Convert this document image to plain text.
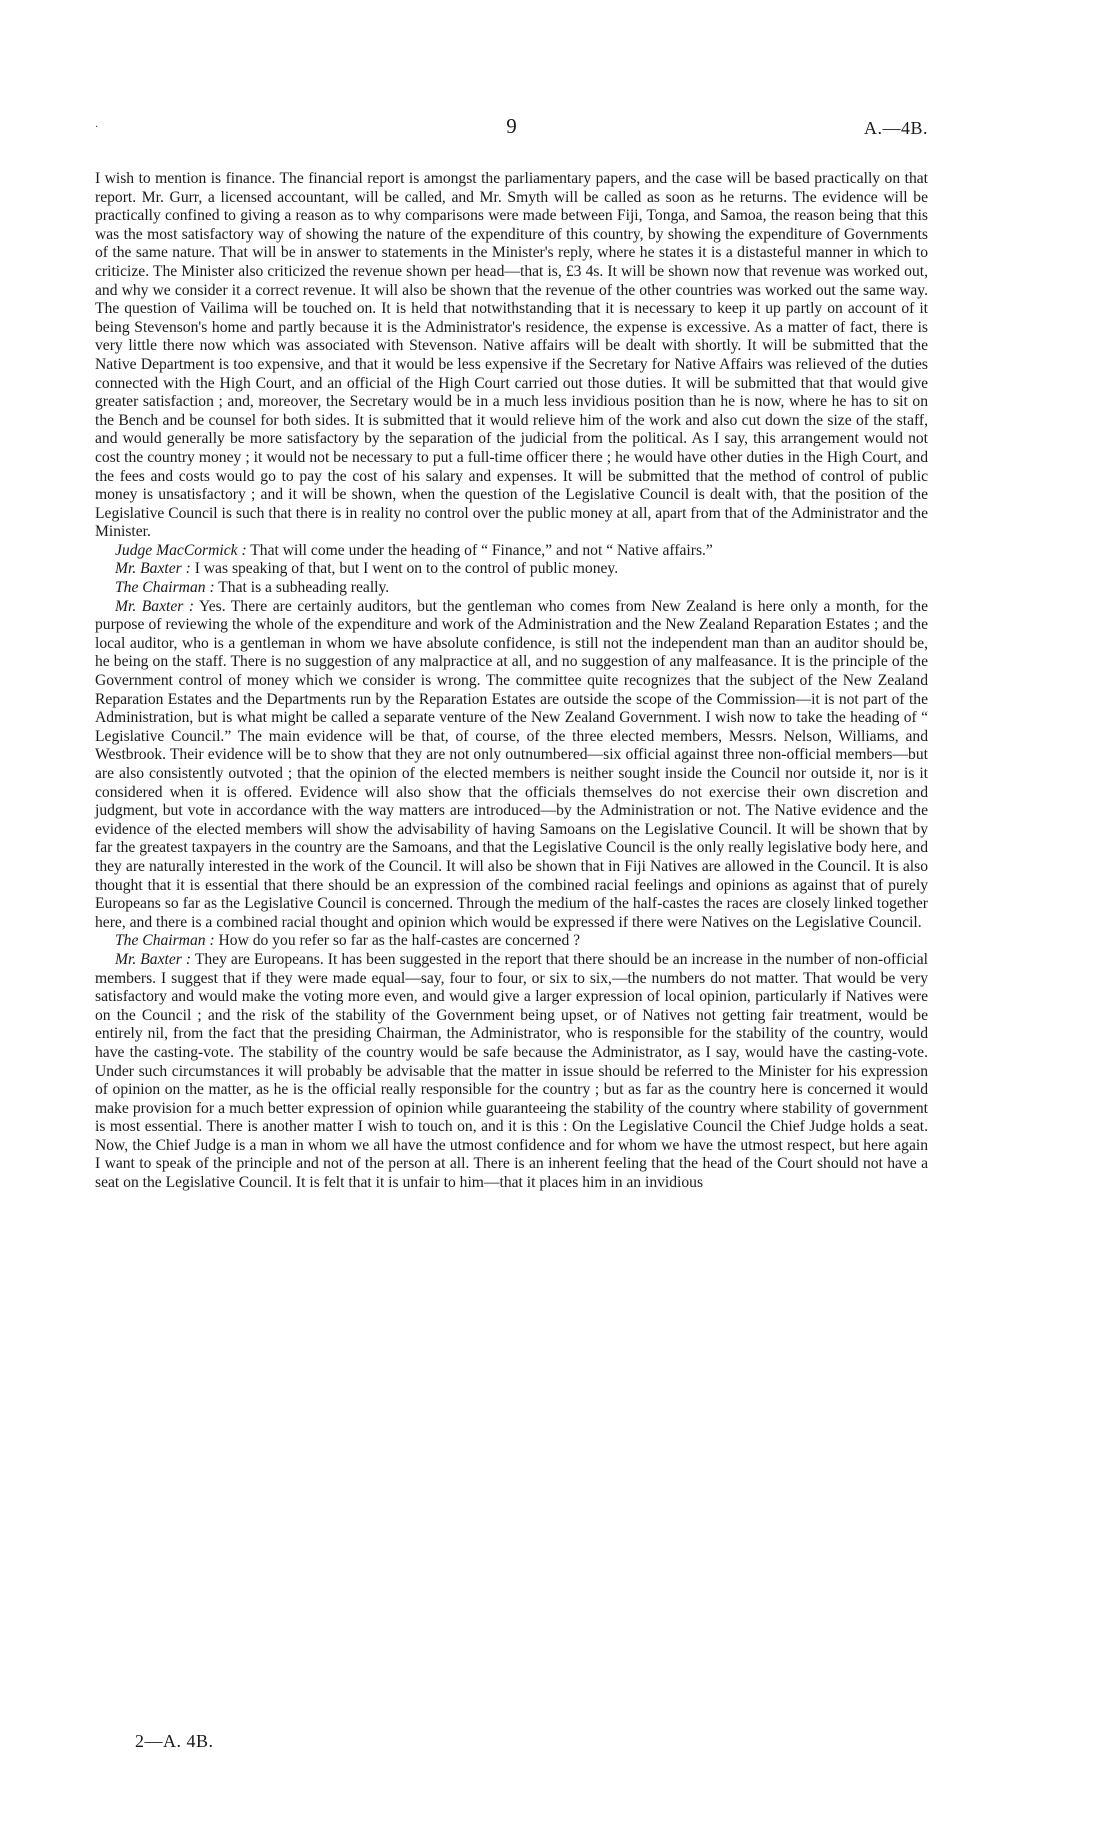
·	9	A.—4B.

I wish to mention is finance. The financial report is amongst the parliamentary papers, and the case will be based practically on that report. Mr. Gurr, a licensed accountant, will be called, and Mr. Smyth will be called as soon as he returns. The evidence will be practically confined to giving a reason as to why comparisons were made between Fiji, Tonga, and Samoa, the reason being that this was the most satisfactory way of showing the nature of the expenditure of this country, by showing the expenditure of Governments of the same nature. That will be in answer to statements in the Minister's reply, where he states it is a distasteful manner in which to criticize. The Minister also criticized the revenue shown per head—that is, £3 4s. It will be shown now that revenue was worked out, and why we consider it a correct revenue. It will also be shown that the revenue of the other countries was worked out the same way. The question of Vailima will be touched on. It is held that notwithstanding that it is necessary to keep it up partly on account of it being Stevenson's home and partly because it is the Administrator's residence, the expense is excessive. As a matter of fact, there is very little there now which was associated with Stevenson. Native affairs will be dealt with shortly. It will be submitted that the Native Department is too expensive, and that it would be less expensive if the Secretary for Native Affairs was relieved of the duties connected with the High Court, and an official of the High Court carried out those duties. It will be submitted that that would give greater satisfaction ; and, moreover, the Secretary would be in a much less invidious position than he is now, where he has to sit on the Bench and be counsel for both sides. It is submitted that it would relieve him of the work and also cut down the size of the staff, and would generally be more satisfactory by the separation of the judicial from the political. As I say, this arrangement would not cost the country money ; it would not be necessary to put a full-time officer there ; he would have other duties in the High Court, and the fees and costs would go to pay the cost of his salary and expenses. It will be submitted that the method of control of public money is unsatisfactory ; and it will be shown, when the question of the Legislative Council is dealt with, that the position of the Legislative Council is such that there is in reality no control over the public money at all, apart from that of the Administrator and the Minister.

Judge MacCormick : That will come under the heading of “ Finance,” and not “ Native affairs.”

Mr. Baxter : I was speaking of that, but I went on to the control of public money.

The Chairman : That is a subheading really.

Mr. Baxter : Yes. There are certainly auditors, but the gentleman who comes from New Zealand is here only a month, for the purpose of reviewing the whole of the expenditure and work of the Administration and the New Zealand Reparation Estates ; and the local auditor, who is a gentleman in whom we have absolute confidence, is still not the independent man than an auditor should be, he being on the staff. There is no suggestion of any malpractice at all, and no suggestion of any malfeasance. It is the principle of the Government control of money which we consider is wrong. The committee quite recognizes that the subject of the New Zealand Reparation Estates and the Departments run by the Reparation Estates are outside the scope of the Commission—it is not part of the Administration, but is what might be called a separate venture of the New Zealand Government. I wish now to take the heading of “ Legislative Council.” The main evidence will be that, of course, of the three elected members, Messrs. Nelson, Williams, and Westbrook. Their evidence will be to show that they are not only outnumbered—six official against three non-official members—but are also consistently outvoted ; that the opinion of the elected members is neither sought inside the Council nor outside it, nor is it considered when it is offered. Evidence will also show that the officials themselves do not exercise their own discretion and judgment, but vote in accordance with the way matters are introduced—by the Administration or not. The Native evidence and the evidence of the elected members will show the advisability of having Samoans on the Legislative Council. It will be shown that by far the greatest taxpayers in the country are the Samoans, and that the Legislative Council is the only really legislative body here, and they are naturally interested in the work of the Council. It will also be shown that in Fiji Natives are allowed in the Council. It is also thought that it is essential that there should be an expression of the combined racial feelings and opinions as against that of purely Europeans so far as the Legislative Council is concerned. Through the medium of the half-castes the races are closely linked together here, and there is a combined racial thought and opinion which would be expressed if there were Natives on the Legislative Council.

The Chairman : How do you refer so far as the half-castes are concerned ?

Mr. Baxter : They are Europeans. It has been suggested in the report that there should be an increase in the number of non-official members. I suggest that if they were made equal—say, four to four, or six to six,—the numbers do not matter. That would be very satisfactory and would make the voting more even, and would give a larger expression of local opinion, particularly if Natives were on the Council ; and the risk of the stability of the Government being upset, or of Natives not getting fair treatment, would be entirely nil, from the fact that the presiding Chairman, the Administrator, who is responsible for the stability of the country, would have the casting-vote. The stability of the country would be safe because the Administrator, as I say, would have the casting-vote. Under such circumstances it will probably be advisable that the matter in issue should be referred to the Minister for his expression of opinion on the matter, as he is the official really responsible for the country ; but as far as the country here is concerned it would make provision for a much better expression of opinion while guaranteeing the stability of the country where stability of government is most essential. There is another matter I wish to touch on, and it is this : On the Legislative Council the Chief Judge holds a seat. Now, the Chief Judge is a man in whom we all have the utmost confidence and for whom we have the utmost respect, but here again I want to speak of the principle and not of the person at all. There is an inherent feeling that the head of the Court should not have a seat on the Legislative Council. It is felt that it is unfair to him—that it places him in an invidious

2—A. 4B.
